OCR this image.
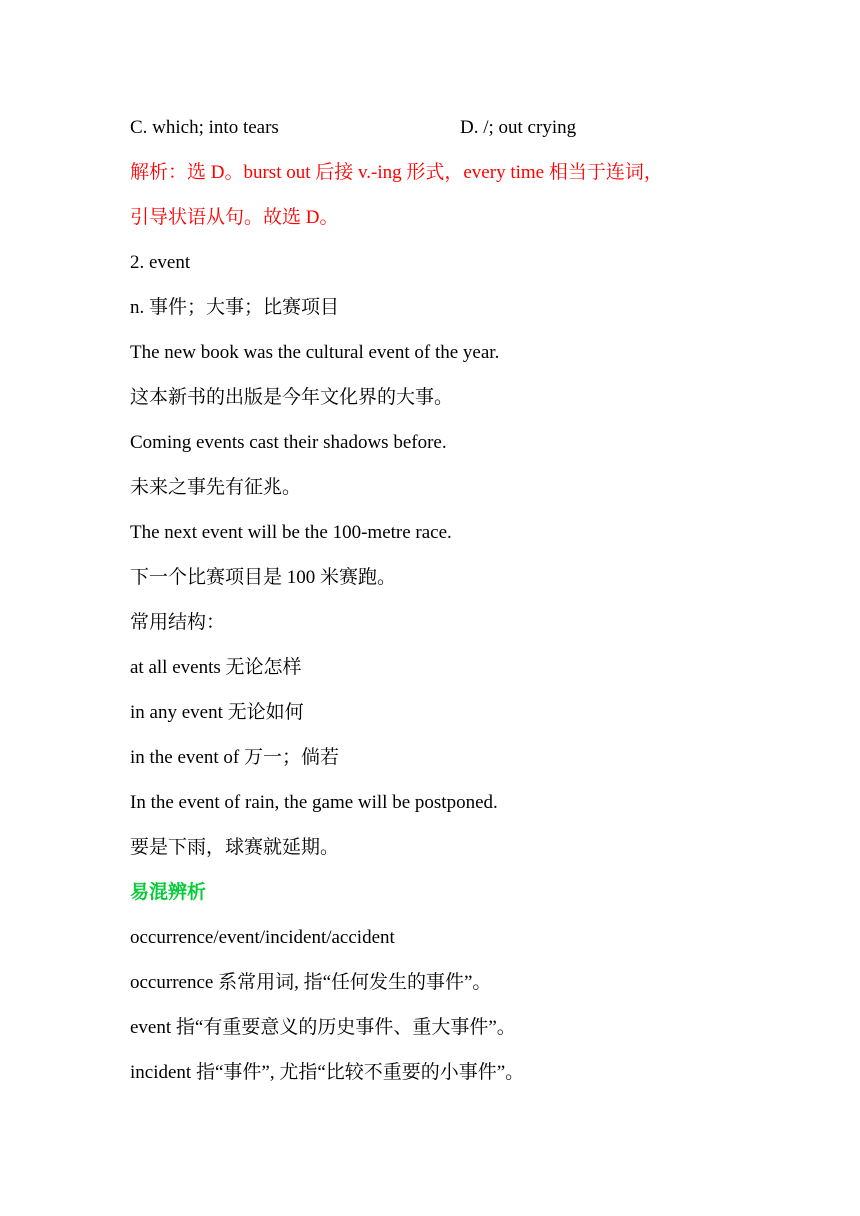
C. which; into tears	D. /; out crying
解析：选 D。burst out 后接 v.-ing 形式，every time 相当于连词，
引导状语从句。故选 D。
2. event
n. 事件；大事；比赛项目
The new book was the cultural event of the year.
这本新书的出版是今年文化界的大事。
Coming events cast their shadows before.
未来之事先有征兆。
The next event will be the 100-metre race.
下一个比赛项目是 100 米赛跑。
常用结构：
at all events 无论怎样
in any event 无论如何
in the event of 万一；倘若
In the event of rain, the game will be postponed.
要是下雨，球赛就延期。
易混辨析
occurrence/event/incident/accident
occurrence 系常用词, 指“任何发生的事件”。
event 指“有重要意义的历史事件、重大事件”。
incident 指“事件”, 尤指“比较不重要的小事件”。
